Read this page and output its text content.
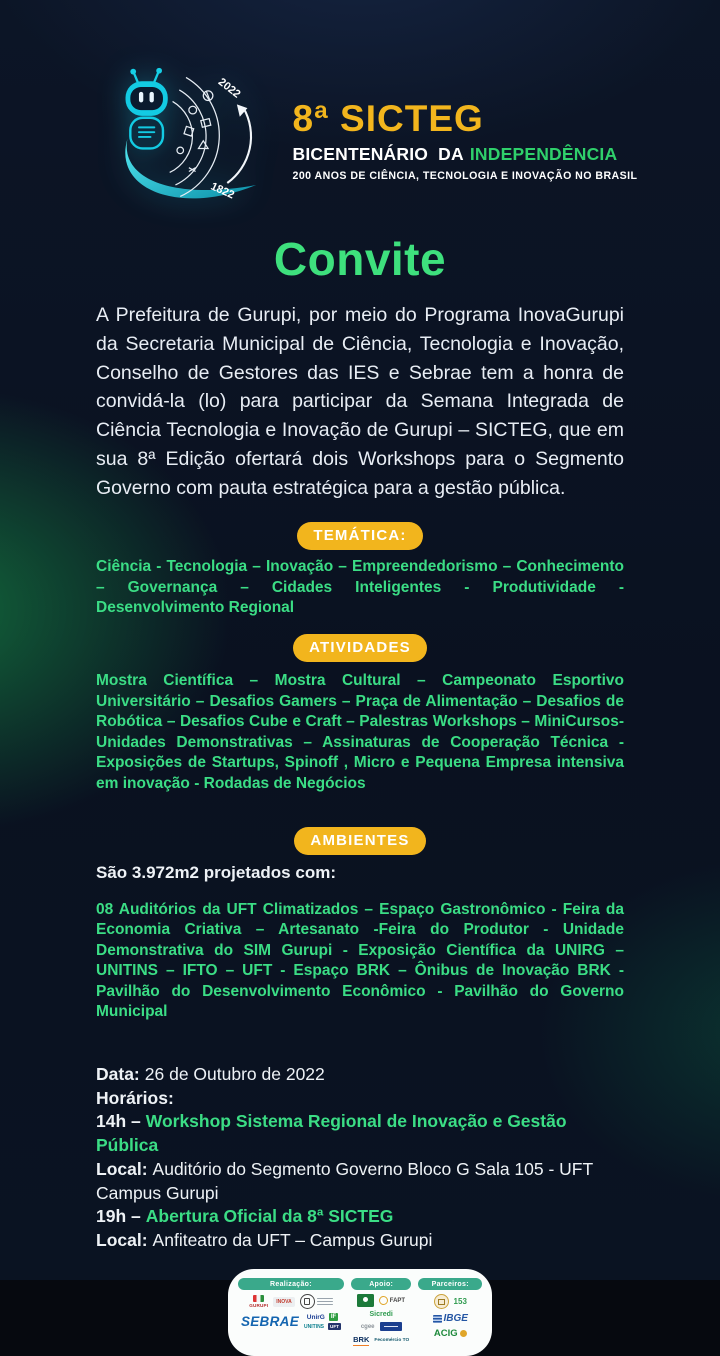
2022
1822
8ª SICTEG
BICENTENÁRIO DA INDEPENDÊNCIA
200 ANOS DE CIÊNCIA, TECNOLOGIA E INOVAÇÃO NO BRASIL
Convite

A Prefeitura de Gurupi, por meio do Programa InovaGurupi da Secretaria Municipal de Ciência, Tecnologia e Inovação, Conselho de Gestores das IES e Sebrae tem a honra de convidá-la (lo) para participar da Semana Integrada de Ciência Tecnologia e Inovação de Gurupi – SICTEG, que em sua 8ª Edição ofertará dois Workshops para o Segmento Governo com pauta estratégica para a gestão pública.

TEMÁTICA:

Ciência - Tecnologia – Inovação – Empreendedorismo – Conhecimento – Governança – Cidades Inteligentes - Produtividade - Desenvolvimento Regional

ATIVIDADES

Mostra Científica – Mostra Cultural – Campeonato Esportivo Universitário – Desafios Gamers – Praça de Alimentação – Desafios de Robótica – Desafios Cube e Craft – Palestras Workshops – MiniCursos- Unidades Demonstrativas – Assinaturas de Cooperação Técnica - Exposições de Startups, Spinoff , Micro e Pequena Empresa intensiva em inovação - Rodadas de Negócios

AMBIENTES

São 3.972m2 projetados com:

08 Auditórios da UFT Climatizados – Espaço Gastronômico - Feira da Economia Criativa – Artesanato -Feira do Produtor - Unidade Demonstrativa do SIM Gurupi - Exposição Científica da UNIRG – UNITINS – IFTO – UFT - Espaço BRK – Ônibus de Inovação BRK - Pavilhão do Desenvolvimento Econômico - Pavilhão do Governo Municipal

Data: 26 de Outubro de 2022
Horários:
14h – Workshop Sistema Regional de Inovação e Gestão Pública
Local: Auditório do Segmento Governo Bloco G Sala 105 - UFT Campus Gurupi
19h – Abertura Oficial da 8ª SICTEG
Local: Anfiteatro da UFT – Campus Gurupi
Realização:
GURUPI
INOVA
SEBRAE UnirG	IF
UNITINS	UFT
Apoio:
FAPT
Sicredi
cgee
BRK Fecomércio TO
Parceiros:
153
IBGE
ACIG
